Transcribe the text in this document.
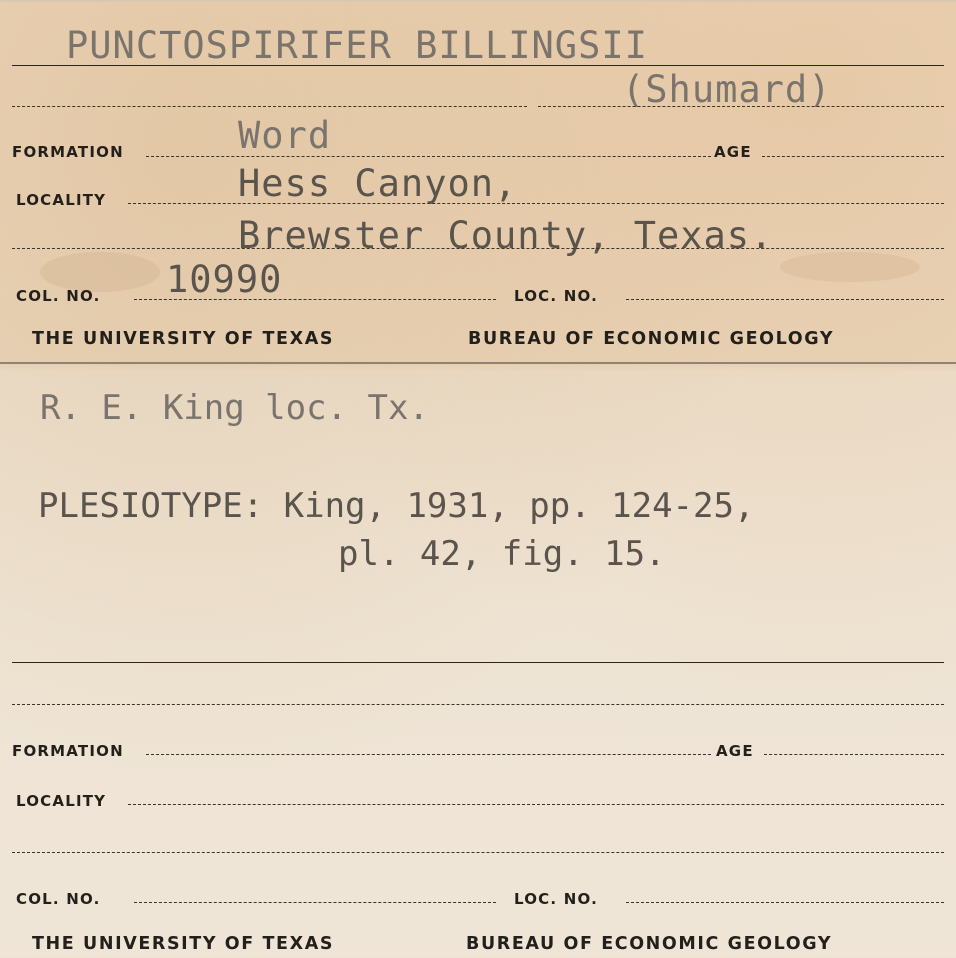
PUNCTOSPIRIFER BILLINGSII
(Shumard)
FORMATION	Word	AGE
LOCALITY	Hess Canyon,
Brewster County, Texas.
COL. NO. 10990	LOC. NO.
THE UNIVERSITY OF TEXAS	BUREAU OF ECONOMIC GEOLOGY
R. E. King loc. Tx.
PLESIOTYPE: King, 1931, pp. 124-25,
pl. 42, fig. 15.
FORMATION	AGE
LOCALITY
COL. NO.	LOC. NO.
THE UNIVERSITY OF TEXAS	BUREAU OF ECONOMIC GEOLOGY
